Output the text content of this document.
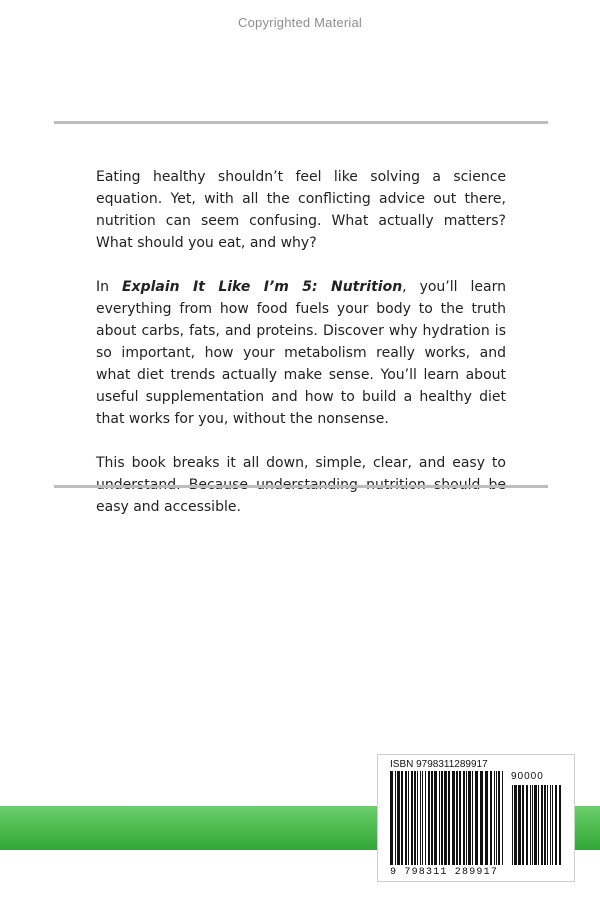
Copyrighted Material

Eating healthy shouldn’t feel like solving a science equation. Yet, with all the conflicting advice out there, nutrition can seem confusing. What actually matters? What should you eat, and why?

In Explain It Like I’m 5: Nutrition, you’ll learn everything from how food fuels your body to the truth about carbs, fats, and proteins. Discover why hydration is so important, how your metabolism really works, and what diet trends actually make sense. You’ll learn about useful supplementation and how to build a healthy diet that works for you, without the nonsense.

This book breaks it all down, simple, clear, and easy to easy and accessible.

ISBN 9798311289917
90000
9 798311 289917
